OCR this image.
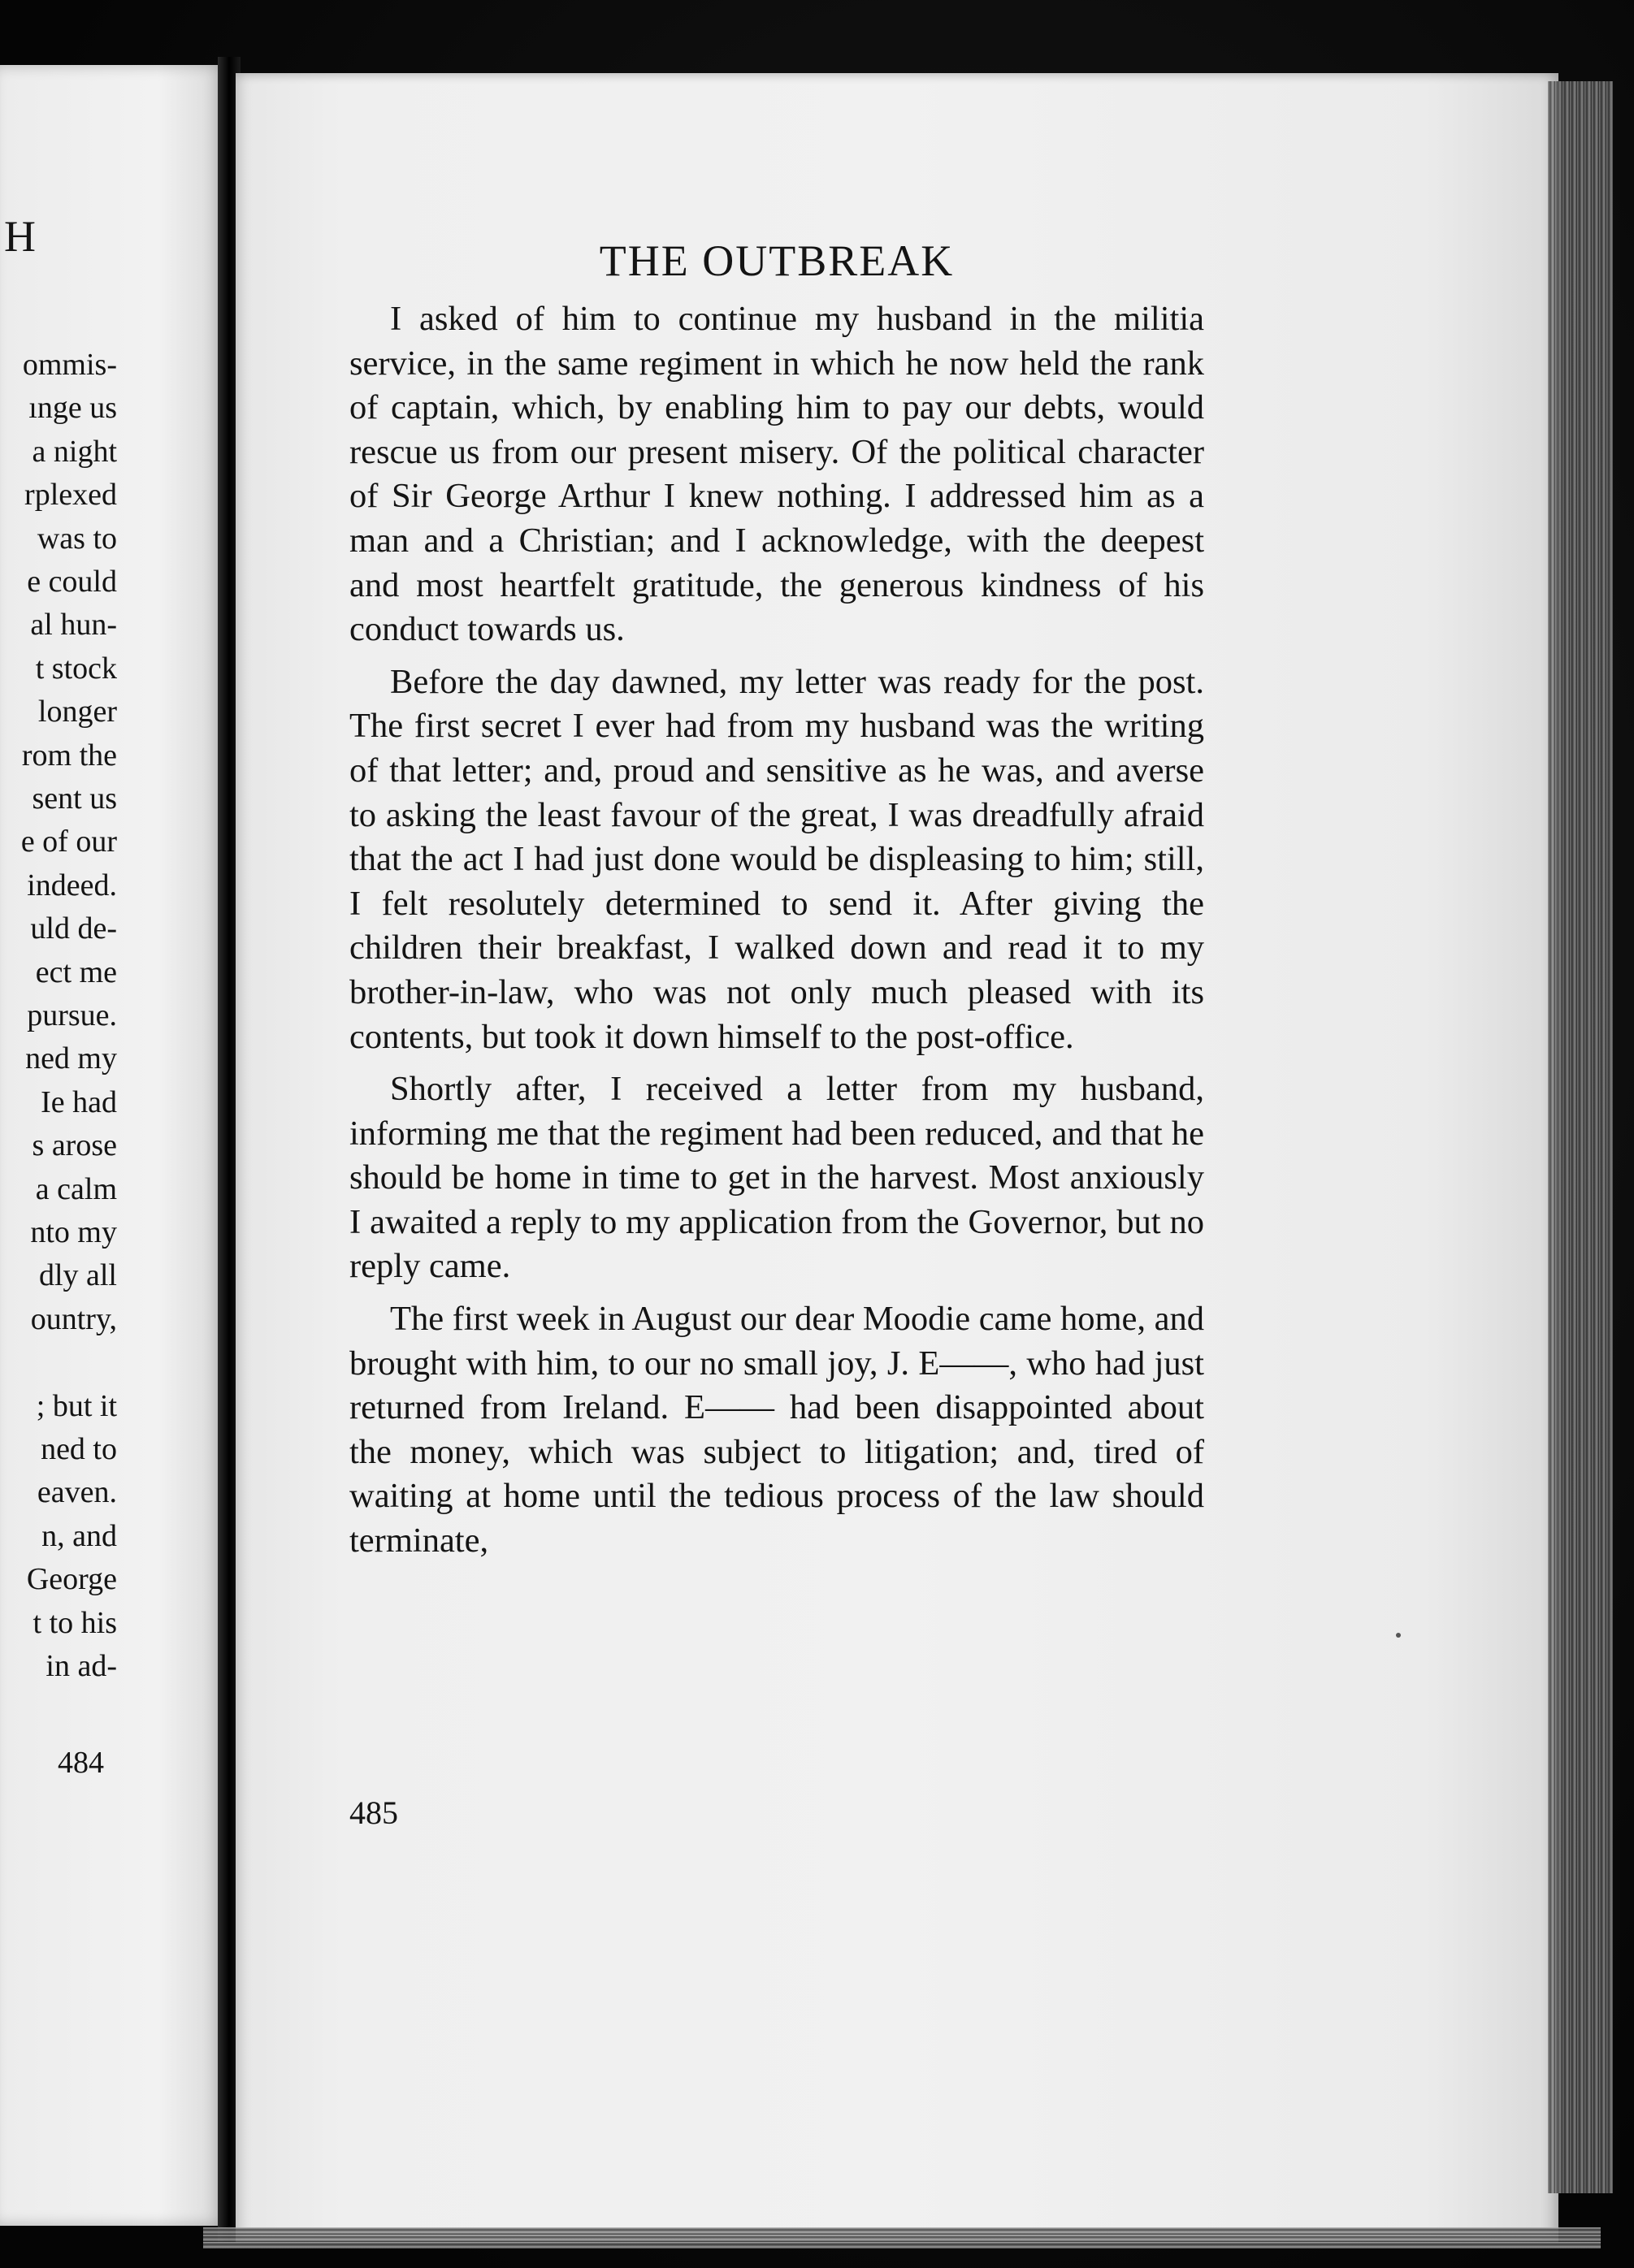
H
ommis-
ınge us
a night
rplexed
was to
e could
al hun-
t stock
longer
rom the
sent us
e of our
indeed.
uld de-
ect me
pursue.
ned my
Ie had
s arose
a calm
nto my
dly all
ountry,
; but it
ned to
eaven.
n, and
George
t to his
in ad-
484
THE OUTBREAK

I asked of him to continue my husband in the militia service, in the same regiment in which he now held the rank of captain, which, by enabling him to pay our debts, would rescue us from our present misery. Of the political character of Sir George Arthur I knew nothing. I addressed him as a man and a Christian; and I acknowledge, with the deepest and most heartfelt gratitude, the generous kindness of his conduct towards us.

Before the day dawned, my letter was ready for the post. The first secret I ever had from my husband was the writing of that letter; and, proud and sensitive as he was, and averse to asking the least favour of the great, I was dreadfully afraid that the act I had just done would be displeasing to him; still, I felt resolutely determined to send it. After giving the children their breakfast, I walked down and read it to my brother-in-law, who was not only much pleased with its contents, but took it down himself to the post-office.

Shortly after, I received a letter from my husband, informing me that the regiment had been reduced, and that he should be home in time to get in the harvest. Most anxiously I awaited a reply to my application from the Governor, but no reply came.

The first week in August our dear Moodie came home, and brought with him, to our no small joy, J. E——, who had just returned from Ireland. E—— had been disappointed about the money, which was subject to litigation; and, tired of waiting at home until the tedious process of the law should terminate,

485
